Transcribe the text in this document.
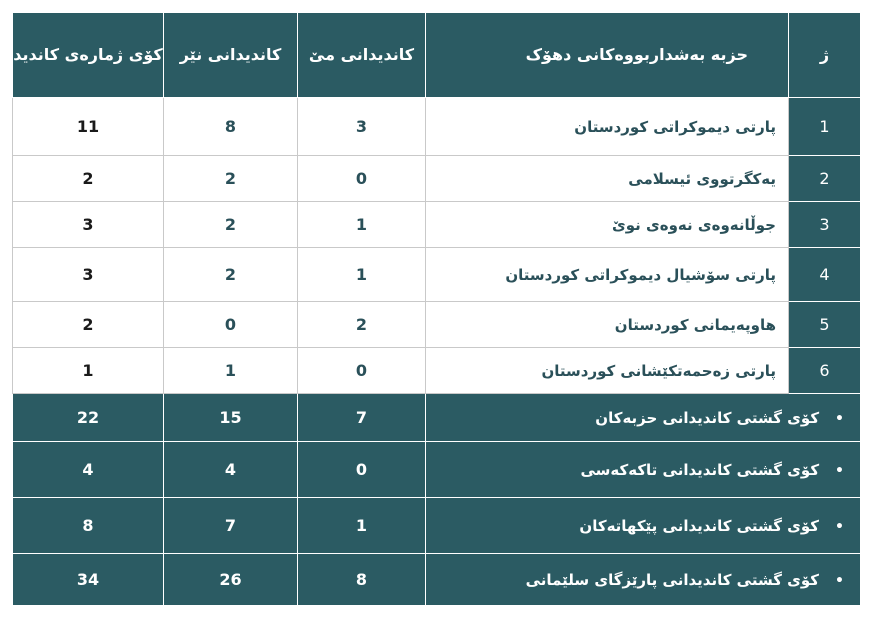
کۆی ژمارەی کاندید	کاندیدانی نێر	کاندیدانی مێ	حزبە بەشداربووەکانی دهۆک	ژ
11	8	3	پارتی دیموکراتی کوردستان	1
2	2	0	یەکگرتووی ئیسلامی	2
3	2	1	جوڵانەوەی نەوەی نوێ	3
3	2	1	پارتی سۆشیال دیموکراتی کوردستان	4
2	0	2	هاوپەیمانی کوردستان	5
1	1	0	پارتی زەحمەتکێشانی کوردستان	6
22	15	7	کۆی گشتی کاندیدانی حزبەکان •	
4	4	0	کۆی گشتی کاندیدانی تاکەکەسی •	
8	7	1	کۆی گشتی کاندیدانی پێکهاتەکان •	
34	26	8	کۆی گشتی کاندیدانی پارێزگای سلێمانی •	
